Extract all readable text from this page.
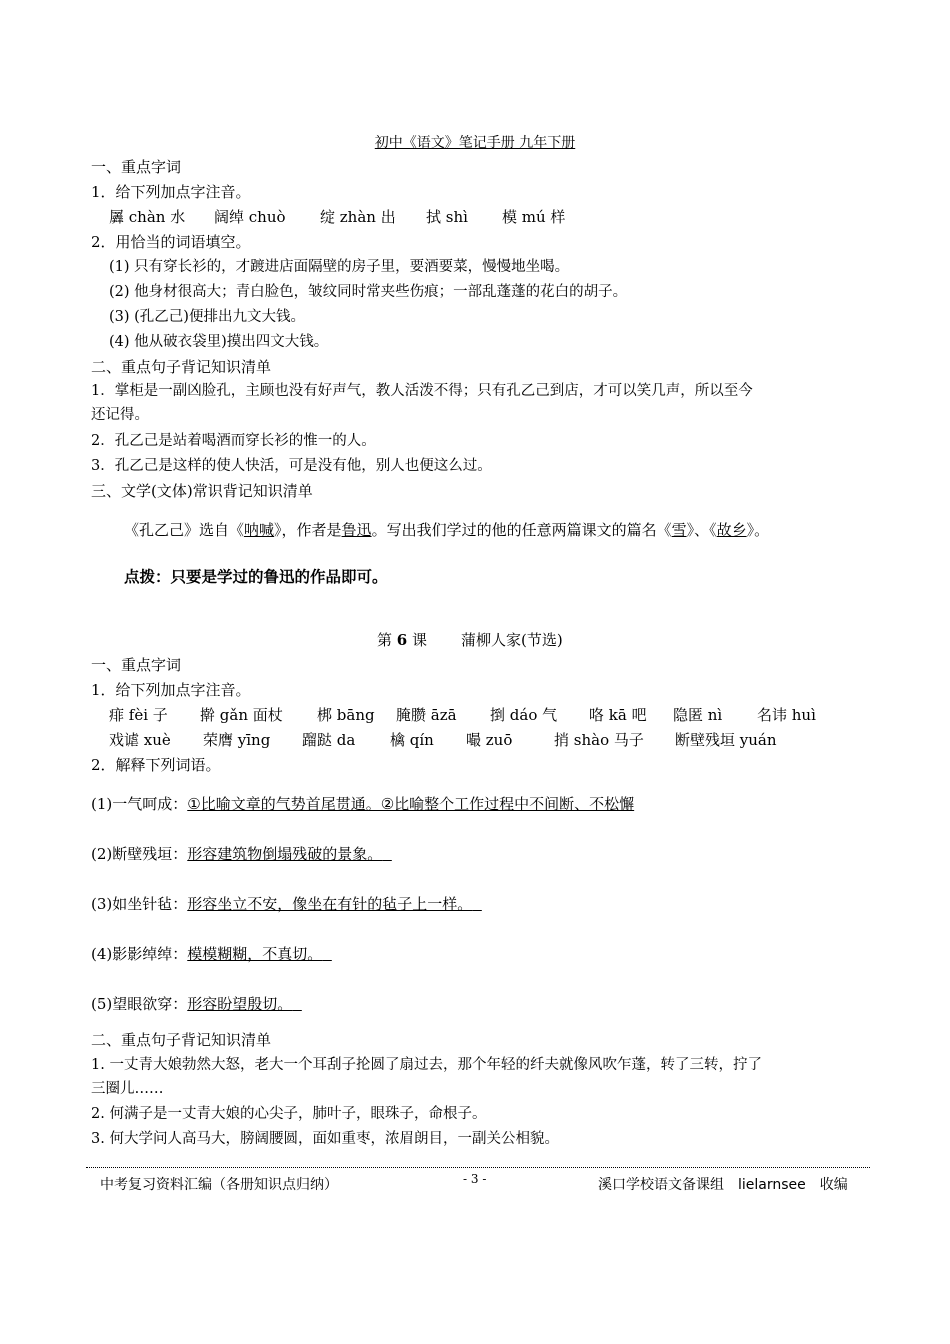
初中《语文》笔记手册 九年下册
一、重点字词
1．给下列加点字注音。
羼 chàn 水	阔绰 chuò	绽 zhàn 出	拭 shì	模 mú 样
2．用恰当的词语填空。
(1) 只有穿长衫的，才踱进店面隔壁的房子里，要酒要菜，慢慢地坐喝。
(2) 他身材很高大；青白脸色，皱纹同时常夹些伤痕；一部乱蓬蓬的花白的胡子。
(3) (孔乙己)便排出九文大钱。
(4) 他从破衣袋里)摸出四文大钱。
二、重点句子背记知识清单
1．掌柜是一副凶脸孔，主顾也没有好声气，教人活泼不得；只有孔乙己到店，才可以笑几声，所以至今
还记得。
2．孔乙己是站着喝酒而穿长衫的惟一的人。
3．孔乙己是这样的使人快活，可是没有他，别人也便这么过。
三、文学(文体)常识背记知识清单
《孔乙己》选自《呐喊》，作者是鲁迅。写出我们学过的他的任意两篇课文的篇名《雪》、《故乡》。
点拨：只要是学过的鲁迅的作品即可。
第 6 课 蒲柳人家(节选)
一、重点字词
1．给下列加点字注音。
痱 fèi 子	擀 gǎn 面杖	梆 bāng	腌臜 āzā	捯 dáo 气	咯 kā 吧	隐匿 nì	名讳 huì
戏谑 xuè	荣膺 yīng	蹓跶 da	檎 qín	嘬 zuō	捎 shào 马子	断壁残垣 yuán
2．解释下列词语。
(1)一气呵成：①比喻文章的气势首尾贯通。②比喻整个工作过程中不间断、不松懈
(2)断壁残垣：形容建筑物倒塌残破的景象。
(3)如坐针毡：形容坐立不安，像坐在有针的毡子上一样。
(4)影影绰绰：模模糊糊，不真切。
(5)望眼欲穿：形容盼望殷切。
二、重点句子背记知识清单
1. 一丈青大娘勃然大怒，老大一个耳刮子抡圆了扇过去，那个年轻的纤夫就像风吹乍蓬，转了三转，拧了
三圈儿……
2. 何满子是一丈青大娘的心尖子，肺叶子，眼珠子，命根子。
3. 何大学问人高马大，膀阔腰圆，面如重枣，浓眉朗目，一副关公相貌。
中考复习资料汇编（各册知识点归纳）	- 3 -	溪口学校语文备课组　lielarnsee　收编
